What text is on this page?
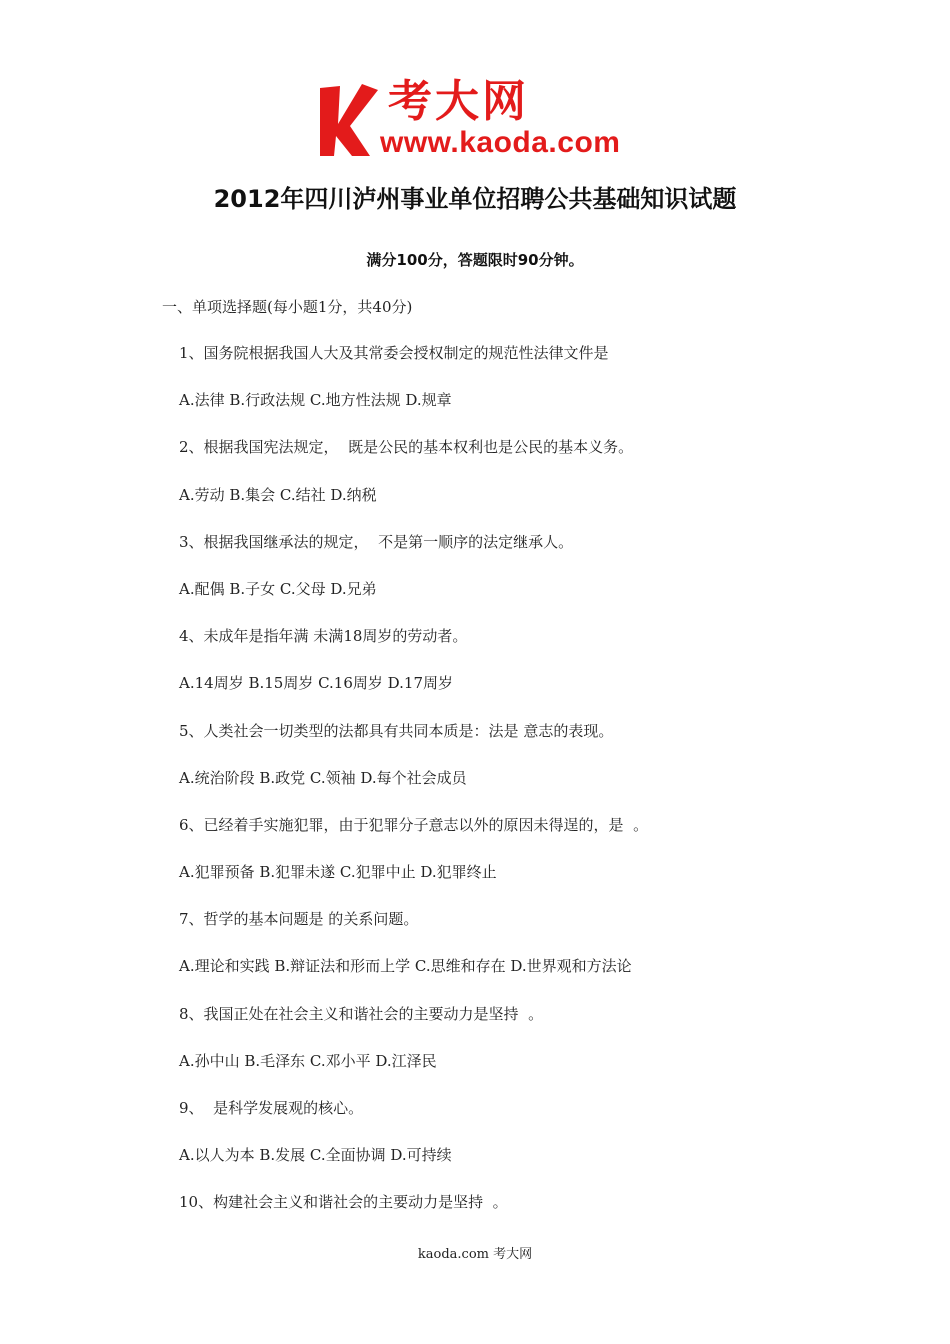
考大网
www.kaoda.com
2012年四川泸州事业单位招聘公共基础知识试题
满分100分，答题限时90分钟。
一、单项选择题(每小题1分，共40分)
1、国务院根据我国人大及其常委会授权制定的规范性法律文件是
A.法律 B.行政法规 C.地方性法规 D.规章
2、根据我国宪法规定，  既是公民的基本权利也是公民的基本义务。
A.劳动 B.集会 C.结社 D.纳税
3、根据我国继承法的规定，  不是第一顺序的法定继承人。
A.配偶 B.子女 C.父母 D.兄弟
4、未成年是指年满 未满18周岁的劳动者。
A.14周岁 B.15周岁 C.16周岁 D.17周岁
5、人类社会一切类型的法都具有共同本质是：法是 意志的表现。
A.统治阶段 B.政党 C.领袖 D.每个社会成员
6、已经着手实施犯罪，由于犯罪分子意志以外的原因未得逞的，是  。
A.犯罪预备 B.犯罪未遂 C.犯罪中止 D.犯罪终止
7、哲学的基本问题是 的关系问题。
A.理论和实践 B.辩证法和形而上学 C.思维和存在 D.世界观和方法论
8、我国正处在社会主义和谐社会的主要动力是坚持  。
A.孙中山 B.毛泽东 C.邓小平 D.江泽民
9、  是科学发展观的核心。
A.以人为本 B.发展 C.全面协调 D.可持续
10、构建社会主义和谐社会的主要动力是坚持  。
kaoda.com 考大网
